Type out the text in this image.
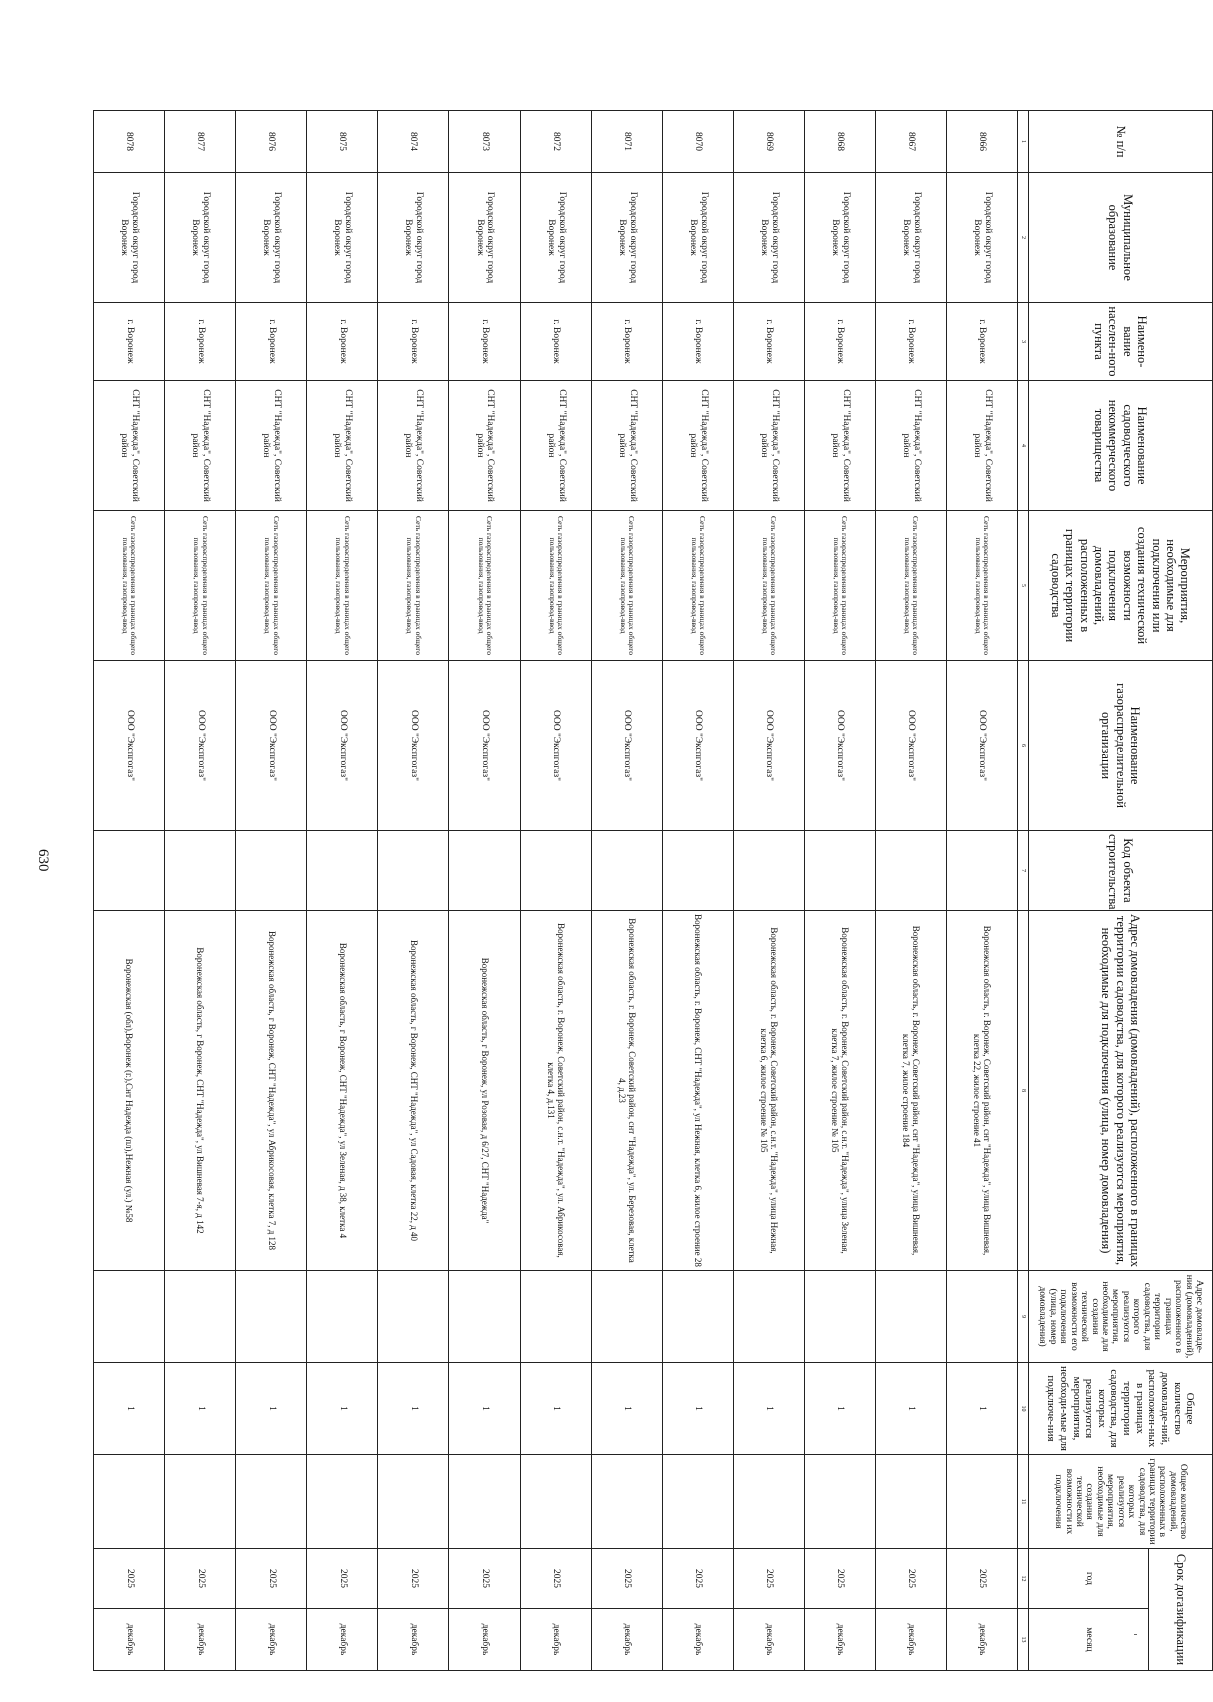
630
№ п/п	Муниципальное образование	Наимено-вание населен-ного пункта	Наименование садоводческого некоммерческого товарищества	Мероприятия, необходимые для подключения или создания технической возможности подключения домовладений, расположенных в границах территории садоводства	Наименование газораспределительной организации	Код объекта строительства	Адрес домовладения (домовладений), расположенного в границах территории садоводства, для которого реализуются мероприятия, необходимые для подключения (улица, номер домовладения)	Адрес домовладе-ния (домовладений), расположенного в границах территории садоводства, для которого реализуются мероприятия, необходимые для создания технической возможности его подключения (улица, номер домовладения)	Общее количество домовладе-ний, расположен-ных в границах территории садоводства, для которых реализуются мероприятия, необходи-мые для подключе-ния	Общее количество домовладений, расположенных в границах территории садоводства, для которых реализуются мероприятия, необходимые для создания технической возможности их подключения	Срок догазификации	
											год	месяц
1	2	3	4	5	6	7	8	9	10	11	12	13
8066	Городской округ город Воронеж	г. Воронеж	СНТ "Надежда", Советский район	Сеть газораспределения в границах общего пользования, газопровод-ввод	ООО "Экспгогаз"		Воронежская область, г. Воронеж, Советский район, снт "Надежда", улица Вишневая, клетка 22, жилое строение 41		1		2025	декабрь
8067	Городской округ город Воронеж	г. Воронеж	СНТ "Надежда", Советский район	Сеть газораспределения в границах общего пользования, газопровод-ввод	ООО "Экспгогаз"		Воронежская область, г. Воронеж, Советский район, снт "Надежда", улица Вишневая, клетка 7, жилое строение 184		1		2025	декабрь
8068	Городской округ город Воронеж	г. Воронеж	СНТ "Надежда", Советский район	Сеть газораспределения в границах общего пользования, газопровод-ввод	ООО "Экспгогаз"		Воронежская область, г. Воронеж, Советский район, с.н.т. "Надежда", улица Зеленая, клетка 7, жилое строение № 105		1		2025	декабрь
8069	Городской округ город Воронеж	г. Воронеж	СНТ "Надежда", Советский район	Сеть газораспределения в границах общего пользования, газопровод-ввод	ООО "Экспгогаз"		Воронежская область, г. Воронеж, Советский район, с.н.т. "Надежда", улица Нежная, клетка 6, жилое строение № 105		1		2025	декабрь
8070	Городской округ город Воронеж	г. Воронеж	СНТ "Надежда", Советский район	Сеть газораспределения в границах общего пользования, газопровод-ввод	ООО "Экспгогаз"		Воронежская область, г. Воронеж, СНТ "Надежда", ул Нежная, клетка 6, жилое строение 28		1		2025	декабрь
8071	Городской округ город Воронеж	г. Воронеж	СНТ "Надежда", Советский район	Сеть газораспределения в границах общего пользования, газопровод-ввод	ООО "Экспгогаз"		Воронежская область, г. Воронеж, Советский район, снт "Надежда", ул. Березовая, клетка 4, д.23		1		2025	декабрь
8072	Городской округ город Воронеж	г. Воронеж	СНТ "Надежда", Советский район	Сеть газораспределения в границах общего пользования, газопровод-ввод	ООО "Экспгогаз"		Воронежская область, г. Воронеж, Советский район, с.н.т. "Надежда", ул. Абрикосовая, клетка 4, д.131		1		2025	декабрь
8073	Городской округ город Воронеж	г. Воронеж	СНТ "Надежда", Советский район	Сеть газораспределения в границах общего пользования, газопровод-ввод	ООО "Экспгогаз"		Воронежская область, г Воронеж, ул Розовая, д 6/27, СНТ "Надежда"		1		2025	декабрь
8074	Городской округ город Воронеж	г. Воронеж	СНТ "Надежда", Советский район	Сеть газораспределения в границах общего пользования, газопровод-ввод	ООО "Экспгогаз"		Воронежская область, г Воронеж, СНТ "Надежда", ул Садовая, клетка 22, д 40		1		2025	декабрь
8075	Городской округ город Воронеж	г. Воронеж	СНТ "Надежда", Советский район	Сеть газораспределения в границах общего пользования, газопровод-ввод	ООО "Экспгогаз"		Воронежская область, г Воронеж, СНТ "Надежда", ул Зеленая, д 38, клетка 4		1		2025	декабрь
8076	Городской округ город Воронеж	г. Воронеж	СНТ "Надежда", Советский район	Сеть газораспределения в границах общего пользования, газопровод-ввод	ООО "Экспгогаз"		Воронежская область, г Воронеж, СНТ "Надежда", ул Абрикосовая, клетка 7, д 128		1		2025	декабрь
8077	Городской округ город Воронеж	г. Воронеж	СНТ "Надежда", Советский район	Сеть газораспределения в границах общего пользования, газопровод-ввод	ООО "Экспгогаз"		Воронежская область, г Воронеж, СНТ "Надежда", ул Вишневая 7-я, д 142		1		2025	декабрь
8078	Городской округ город Воронеж	г. Воронеж	СНТ "Надежда", Советский район	Сеть газораспределения в границах общего пользования, газопровод-ввод	ООО "Экспгогаз"		Воронежская (обл),Воронеж (г.),Снт Надежда (пл),Нежная (ул.) №58		1		2025	декабрь
